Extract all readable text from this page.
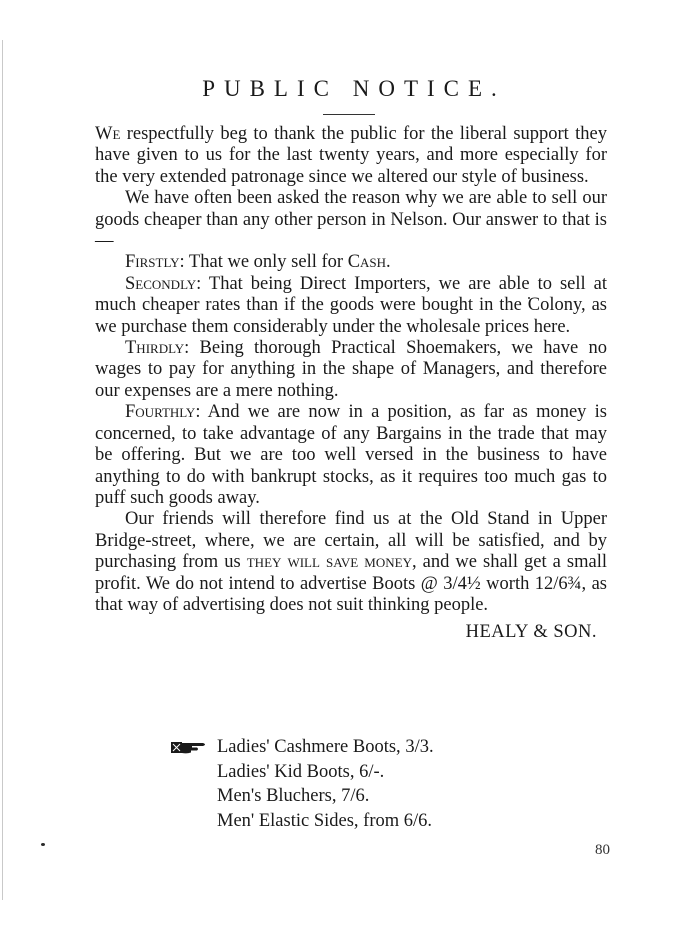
PUBLIC NOTICE.

We respectfully beg to thank the public for the liberal support they have given to us for the last twenty years, and more especially for the very extended patronage since we altered our style of business.

We have often been asked the reason why we are able to sell our goods cheaper than any other person in Nelson. Our answer to that is—

Firstly: That we only sell for Cash.

Secondly: That being Direct Importers, we are able to sell at much cheaper rates than if the goods were bought in the Colony, as we purchase them considerably under the wholesale prices here.

Thirdly: Being thorough Practical Shoemakers, we have no wages to pay for anything in the shape of Managers, and therefore our expenses are a mere nothing.

Fourthly: And we are now in a position, as far as money is concerned, to take advantage of any Bargains in the trade that may be offering. But we are too well versed in the business to have anything to do with bankrupt stocks, as it requires too much gas to puff such goods away.

Our friends will therefore find us at the Old Stand in Upper Bridge-street, where, we are certain, all will be satisfied, and by purchasing from us they will save money, and we shall get a small profit. We do not intend to advertise Boots @ 3/4½ worth 12/6¾, as that way of advertising does not suit thinking people.

HEALY & SON.

Ladies' Cashmere Boots, 3/3.
Ladies' Kid Boots, 6/-.
Men's Bluchers, 7/6.
Men' Elastic Sides, from 6/6.
80
